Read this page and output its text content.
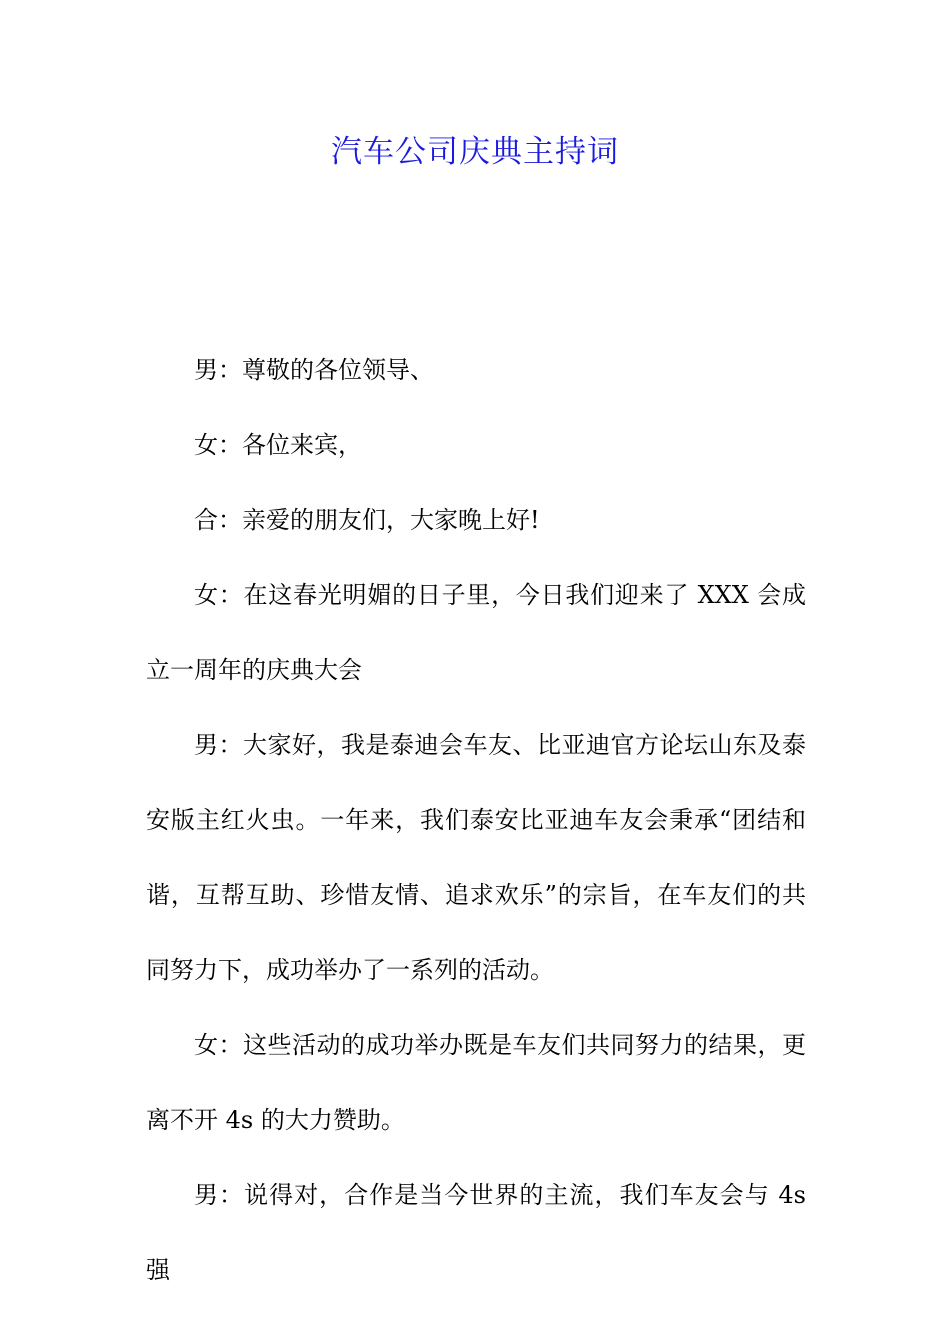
汽车公司庆典主持词

男：尊敬的各位领导、

女：各位来宾，

合：亲爱的朋友们，大家晚上好!

女：在这春光明媚的日子里，今日我们迎来了 XXX 会成立一周年的庆典大会

男：大家好，我是泰迪会车友、比亚迪官方论坛山东及泰安版主红火虫。一年来，我们泰安比亚迪车友会秉承“团结和谐，互帮互助、珍惜友情、追求欢乐”的宗旨，在车友们的共同努力下，成功举办了一系列的活动。

女：这些活动的成功举办既是车友们共同努力的结果，更离不开 4s 的大力赞助。

男：说得对，合作是当今世界的主流，我们车友会与 4s 强
